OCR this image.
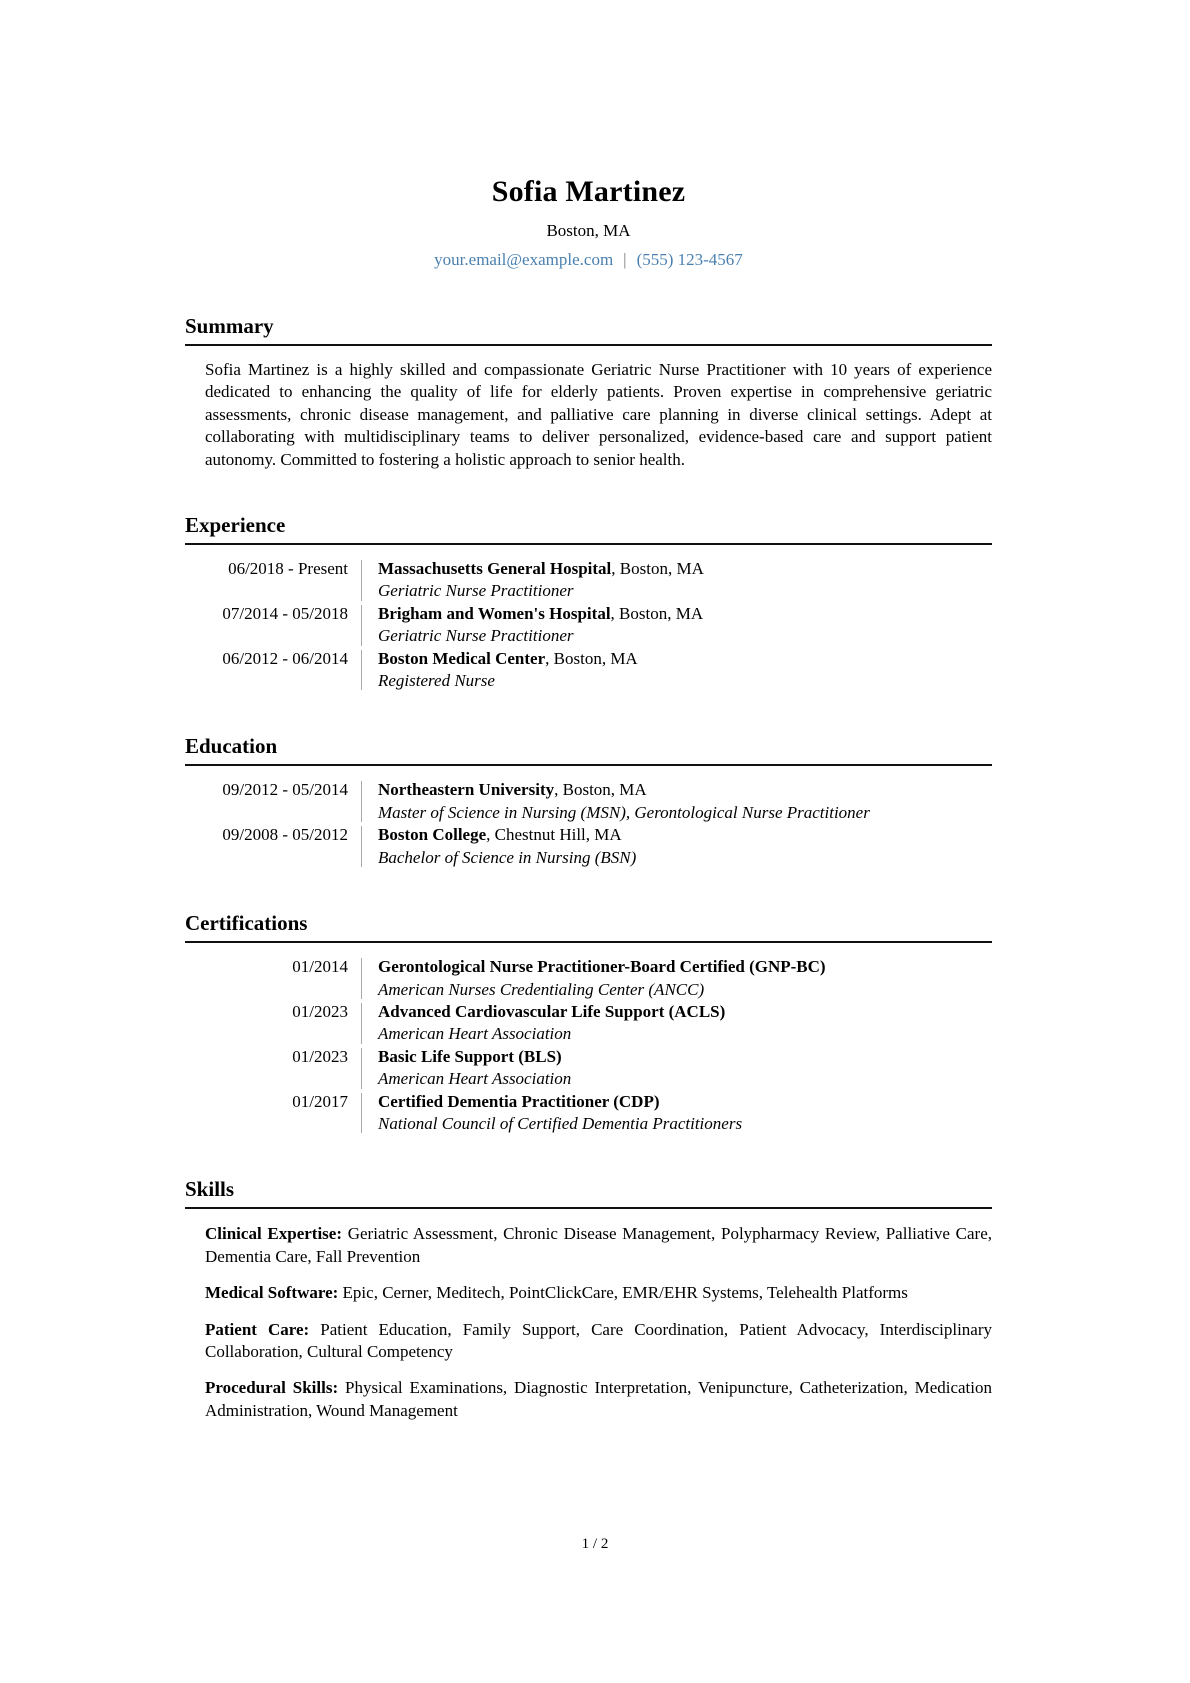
Sofia Martinez
Boston, MA
your.email@example.com | (555) 123-4567
Summary

Sofia Martinez is a highly skilled and compassionate Geriatric Nurse Practitioner with 10 years of experience dedicated to enhancing the quality of life for elderly patients. Proven expertise in comprehensive geriatric assessments, chronic disease management, and palliative care planning in diverse clinical settings. Adept at collaborating with multidisciplinary teams to deliver personalized, evidence-based care and support patient autonomy. Committed to fostering a holistic approach to senior health.

Experience
06/2018 - Present Massachusetts General Hospital, Boston, MA
Geriatric Nurse Practitioner
07/2014 - 05/2018 Brigham and Women's Hospital, Boston, MA
Geriatric Nurse Practitioner
06/2012 - 06/2014 Boston Medical Center, Boston, MA
Registered Nurse
Education
09/2012 - 05/2014 Northeastern University, Boston, MA
Master of Science in Nursing (MSN), Gerontological Nurse Practitioner
09/2008 - 05/2012 Boston College, Chestnut Hill, MA
Bachelor of Science in Nursing (BSN)
Certifications
01/2014 Gerontological Nurse Practitioner-Board Certified (GNP-BC)
American Nurses Credentialing Center (ANCC)
01/2023 Advanced Cardiovascular Life Support (ACLS)
American Heart Association
01/2023 Basic Life Support (BLS)
American Heart Association
01/2017 Certified Dementia Practitioner (CDP)
National Council of Certified Dementia Practitioners
Skills

Clinical Expertise: Geriatric Assessment, Chronic Disease Management, Polypharmacy Review, Palliative Care, Dementia Care, Fall Prevention

Medical Software: Epic, Cerner, Meditech, PointClickCare, EMR/EHR Systems, Telehealth Platforms

Patient Care: Patient Education, Family Support, Care Coordination, Patient Advocacy, Interdisciplinary Collaboration, Cultural Competency

Procedural Skills: Physical Examinations, Diagnostic Interpretation, Venipuncture, Catheterization, Medication Administration, Wound Management

1 / 2
